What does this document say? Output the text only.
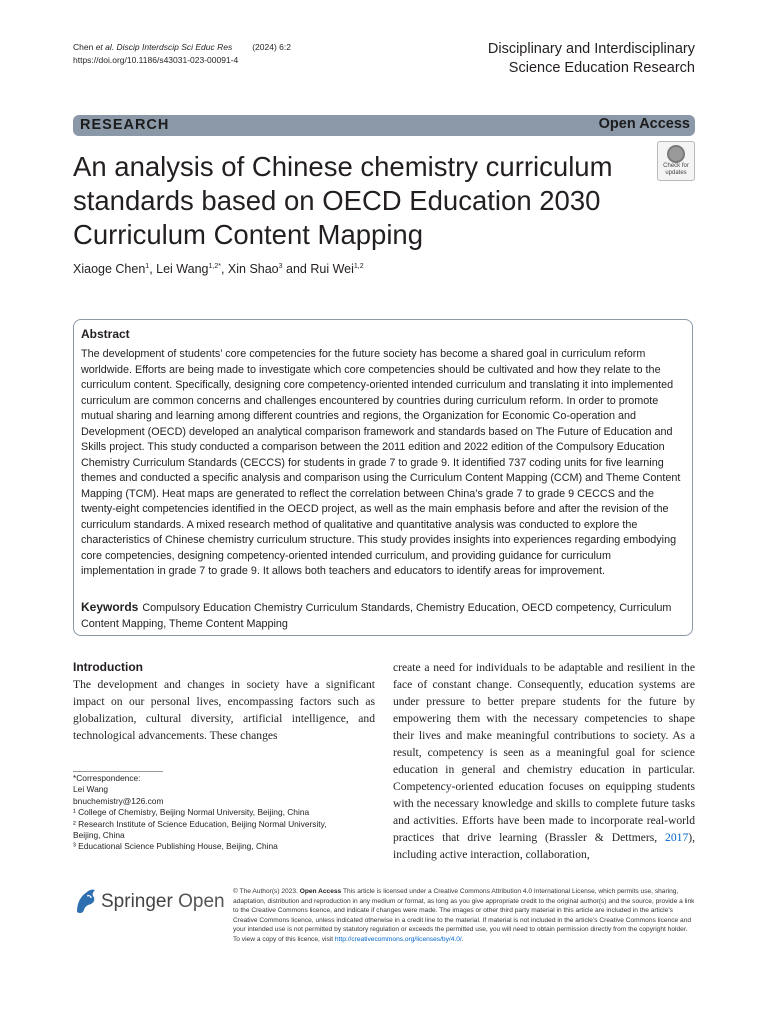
Chen et al. Discip Interdscip Sci Educ Res (2024) 6:2
https://doi.org/10.1186/s43031-023-00091-4
Disciplinary and Interdisciplinary
Science Education Research
RESEARCH	Open Access
An analysis of Chinese chemistry curriculum standards based on OECD Education 2030 Curriculum Content Mapping
Check for
updates
Xiaoge Chen$^1$, Lei Wang$^{1,2*}$, Xin Shao$^3$ and Rui Wei$^{1,2}$
Abstract

The development of students’ core competencies for the future society has become a shared goal in curriculum reform worldwide. Efforts are being made to investigate which core competencies should be cultivated and how they relate to the curriculum content. Specifically, designing core competency-oriented intended curriculum and translating it into implemented curriculum are common concerns and challenges encountered by countries during curriculum reform. In order to promote mutual sharing and learning among different countries and regions, the Organization for Economic Co-operation and Development (OECD) developed an analytical comparison framework and standards based on The Future of Education and Skills project. This study conducted a comparison between the 2011 edition and 2022 edition of the Compulsory Education Chemistry Curriculum Standards (CECCS) for students in grade 7 to grade 9. It identified 737 coding units for five learning themes and conducted a specific analysis and comparison using the Curriculum Content Mapping (CCM) and Theme Content Mapping (TCM). Heat maps are generated to reflect the correlation between China’s grade 7 to grade 9 CECCS and the twenty-eight competencies identified in the OECD project, as well as the main emphasis before and after the revision of the curriculum standards. A mixed research method of qualitative and quantitative analysis was conducted to explore the characteristics of Chinese chemistry curriculum structure. This study provides insights into experiences regarding embodying core competencies, designing competency-oriented intended curriculum, and providing guidance for curriculum implementation in grade 7 to grade 9. It allows both teachers and educators to identify areas for improvement.

Keywords Compulsory Education Chemistry Curriculum Standards, Chemistry Education, OECD competency, Curriculum Content Mapping, Theme Content Mapping
Introduction

The development and changes in society have a significant impact on our personal lives, encompassing factors such as globalization, cultural diversity, artificial intelligence, and technological advancements. These changes

create a need for individuals to be adaptable and resilient in the face of constant change. Consequently, education systems are under pressure to better prepare students for the future by empowering them with the necessary competencies to shape their lives and make meaningful contributions to society. As a result, competency is seen as a meaningful goal for science education in general and chemistry education in particular. Competency-oriented education focuses on equipping students with the necessary knowledge and skills to complete future tasks and activities. Efforts have been made to incorporate real-world practices that drive learning (Brassler & Dettmers, 2017), including active interaction, collaboration,

*Correspondence:
Lei Wang
bnuchemistry@126.com
¹ College of Chemistry, Beijing Normal University, Beijing, China
² Research Institute of Science Education, Beijing Normal University,
Beijing, China
³ Educational Science Publishing House, Beijing, China
Springer Open © The Author(s) 2023. Open Access This article is licensed under a Creative Commons Attribution 4.0 International License, which permits use, sharing, adaptation, distribution and reproduction in any medium or format, as long as you give appropriate credit to the original author(s) and the source, provide a link to the Creative Commons licence, and indicate if changes were made. The images or other third party material in this article are included in the article’s Creative Commons licence, unless indicated otherwise in a credit line to the material. If material is not included in the article’s Creative Commons licence and your intended use is not permitted by statutory regulation or exceeds the permitted use, you will need to obtain permission directly from the copyright holder. To view a copy of this licence, visit http://creativecommons.org/licenses/by/4.0/.
